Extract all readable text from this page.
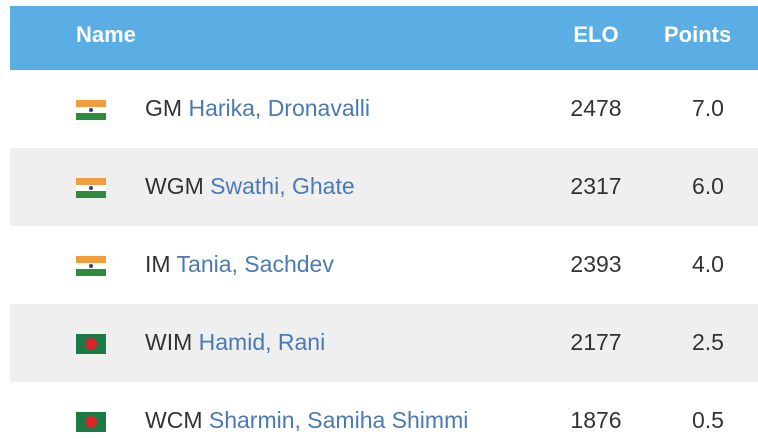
Name	ELO	Points
GM Harika, Dronavalli	2478	7.0
WGM Swathi, Ghate	2317	6.0
IM Tania, Sachdev	2393	4.0
WIM Hamid, Rani	2177	2.5
WCM Sharmin, Samiha Shimmi	1876	0.5
